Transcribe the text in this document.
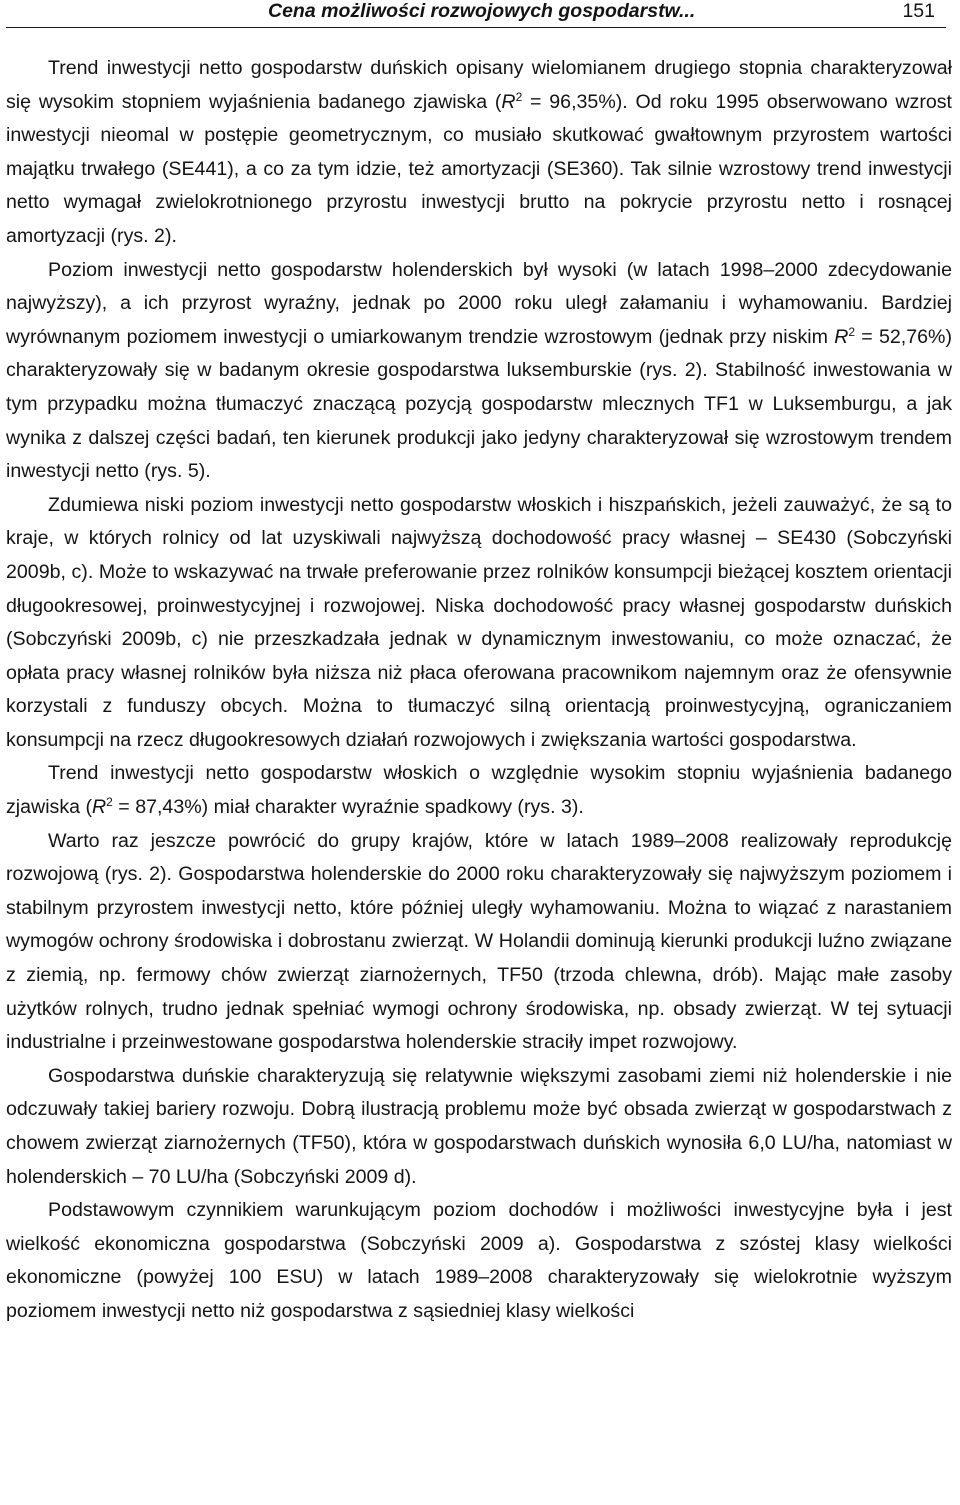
Cena możliwości rozwojowych gospodarstw...	151

Trend inwestycji netto gospodarstw duńskich opisany wielomianem drugiego stopnia charakteryzował się wysokim stopniem wyjaśnienia badanego zjawiska $(R^2 = 96,35\%)$. Od roku 1995 obserwowano wzrost inwestycji nieomal w postępie geometrycznym, co musiało skutkować gwałtownym przyrostem wartości majątku trwałego (SE441), a co za tym idzie, też amortyzacji (SE360). Tak silnie wzrostowy trend inwestycji netto wymagał zwielokrotnionego przyrostu inwestycji brutto na pokrycie przyrostu netto i rosnącej amortyzacji (rys. 2).

Poziom inwestycji netto gospodarstw holenderskich był wysoki (w latach 1998–2000 zdecydowanie najwyższy), a ich przyrost wyraźny, jednak po 2000 roku uległ załamaniu i wyhamowaniu. Bardziej wyrównanym poziomem inwestycji o umiarkowanym trendzie wzrostowym (jednak przy niskim $R^2 = 52,76\%$) charakteryzowały się w badanym okresie gospodarstwa luksemburskie (rys. 2). Stabilność inwestowania w tym przypadku można tłumaczyć znaczącą pozycją gospodarstw mlecznych TF1 w Luksemburgu, a jak wynika z dalszej części badań, ten kierunek produkcji jako jedyny charakteryzował się wzrostowym trendem inwestycji netto (rys. 5).

Zdumiewa niski poziom inwestycji netto gospodarstw włoskich i hiszpańskich, jeżeli zauważyć, że są to kraje, w których rolnicy od lat uzyskiwali najwyższą dochodowość pracy własnej – SE430 (Sobczyński 2009b, c). Może to wskazywać na trwałe preferowanie przez rolników konsumpcji bieżącej kosztem orientacji długookresowej, proinwestycyjnej i rozwojowej. Niska dochodowość pracy własnej gospodarstw duńskich (Sobczyński 2009b, c) nie przeszkadzała jednak w dynamicznym inwestowaniu, co może oznaczać, że opłata pracy własnej rolników była niższa niż płaca oferowana pracownikom najemnym oraz że ofensywnie korzystali z funduszy obcych. Można to tłumaczyć silną orientacją proinwestycyjną, ograniczaniem konsumpcji na rzecz długookresowych działań rozwojowych i zwiększania wartości gospodarstwa.

Trend inwestycji netto gospodarstw włoskich o względnie wysokim stopniu wyjaśnienia badanego zjawiska $(R^2 = 87,43\%)$ miał charakter wyraźnie spadkowy (rys. 3).

Warto raz jeszcze powrócić do grupy krajów, które w latach 1989–2008 realizowały reprodukcję rozwojową (rys. 2). Gospodarstwa holenderskie do 2000 roku charakteryzowały się najwyższym poziomem i stabilnym przyrostem inwestycji netto, które później uległy wyhamowaniu. Można to wiązać z narastaniem wymogów ochrony środowiska i dobrostanu zwierząt. W Holandii dominują kierunki produkcji luźno związane z ziemią, np. fermowy chów zwierząt ziarnożernych, TF50 (trzoda chlewna, drób). Mając małe zasoby użytków rolnych, trudno jednak spełniać wymogi ochrony środowiska, np. obsady zwierząt. W tej sytuacji industrialne i przeinwestowane gospodarstwa holenderskie straciły impet rozwojowy.

Gospodarstwa duńskie charakteryzują się relatywnie większymi zasobami ziemi niż holenderskie i nie odczuwały takiej bariery rozwoju. Dobrą ilustracją problemu może być obsada zwierząt w gospodarstwach z chowem zwierząt ziarnożernych (TF50), która w gospodarstwach duńskich wynosiła 6,0 LU/ha, natomiast w holenderskich – 70 LU/ha (Sobczyński 2009 d).

Podstawowym czynnikiem warunkującym poziom dochodów i możliwości inwestycyjne była i jest wielkość ekonomiczna gospodarstwa (Sobczyński 2009 a). Gospodarstwa z szóstej klasy wielkości ekonomiczne (powyżej 100 ESU) w latach 1989–2008 charakteryzowały się wielokrotnie wyższym poziomem inwestycji netto niż gospodarstwa z sąsiedniej klasy wielkości
